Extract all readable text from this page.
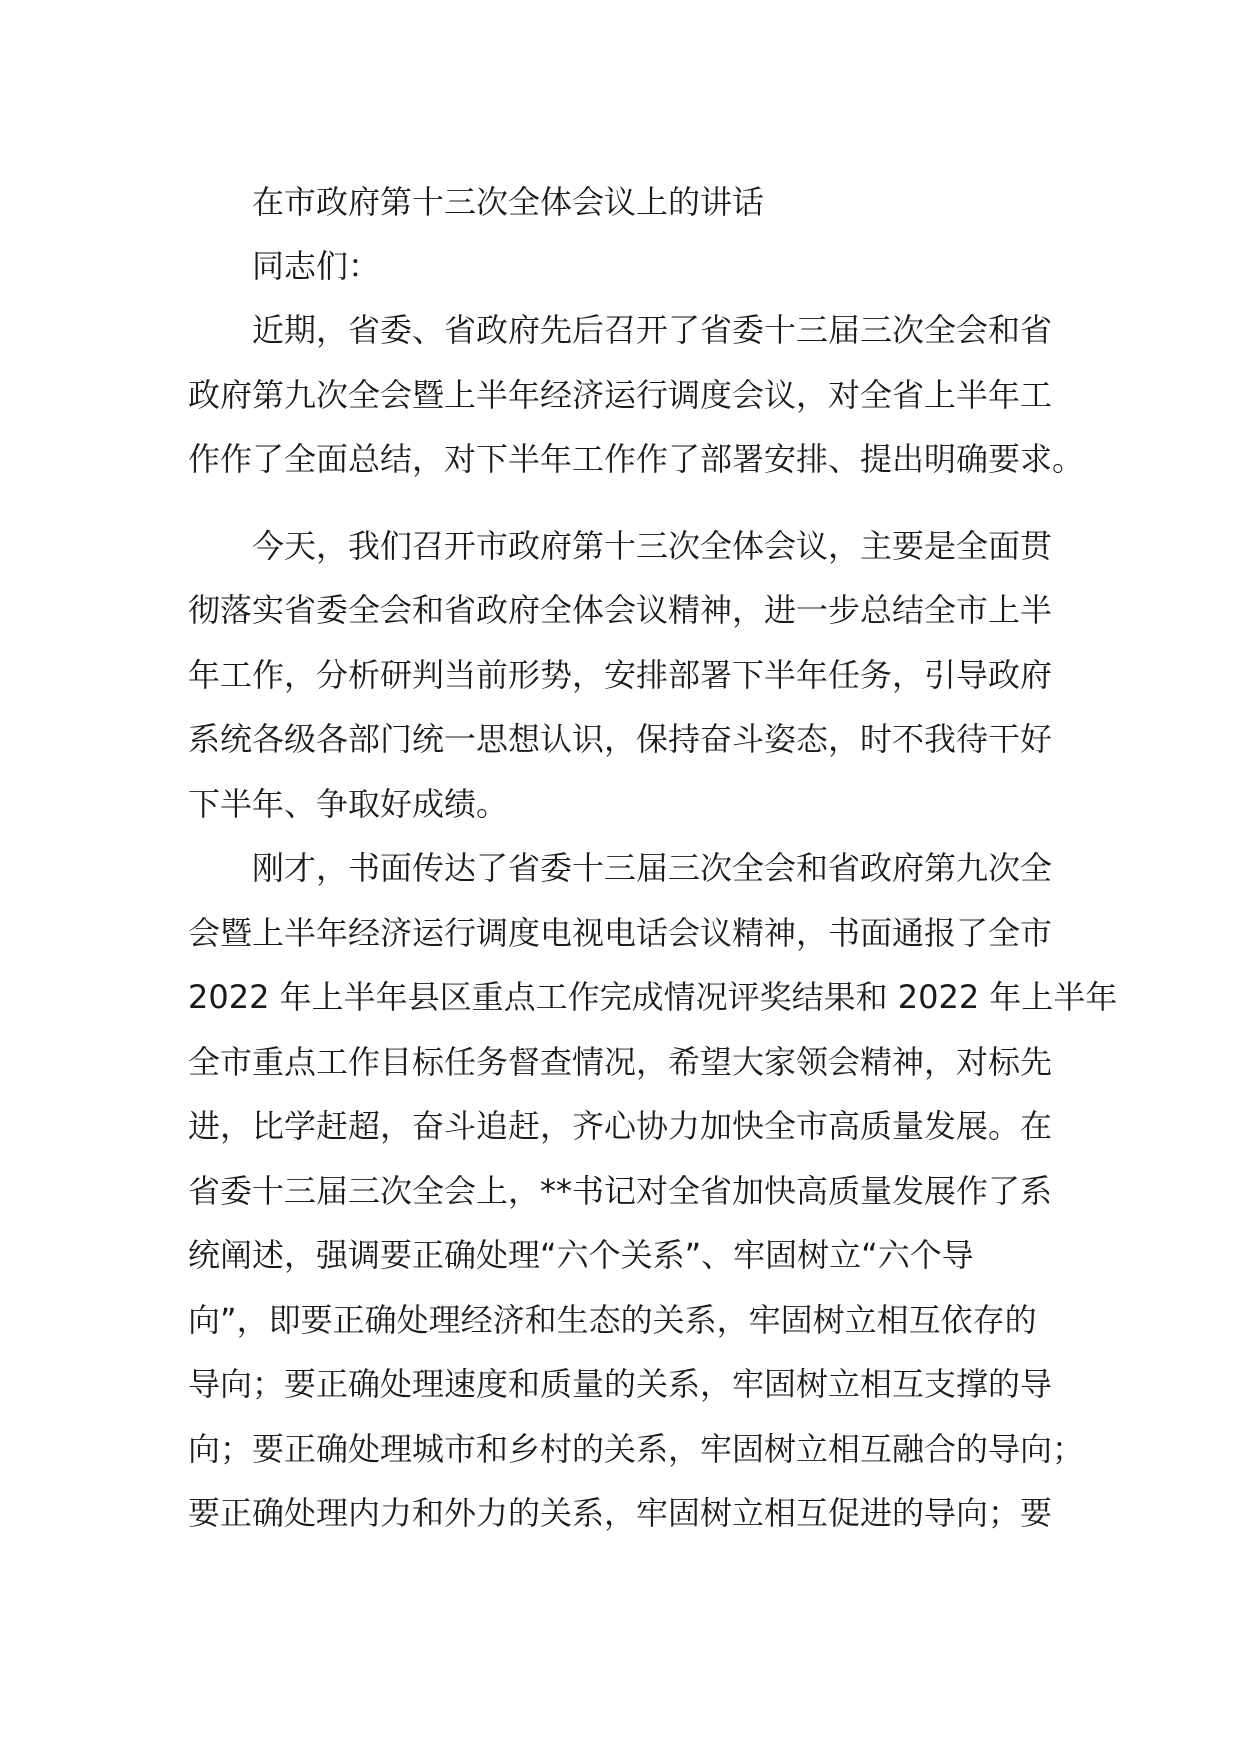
在市政府第十三次全体会议上的讲话

同志们：

近期，省委、省政府先后召开了省委十三届三次全会和省
政府第九次全会暨上半年经济运行调度会议，对全省上半年工
作作了全面总结，对下半年工作作了部署安排、提出明确要求。
今天，我们召开市政府第十三次全体会议，主要是全面贯
彻落实省委全会和省政府全体会议精神，进一步总结全市上半
年工作，分析研判当前形势，安排部署下半年任务，引导政府
系统各级各部门统一思想认识，保持奋斗姿态，时不我待干好
下半年、争取好成绩。
刚才，书面传达了省委十三届三次全会和省政府第九次全
会暨上半年经济运行调度电视电话会议精神，书面通报了全市
2022 年上半年县区重点工作完成情况评奖结果和 2022 年上半年
全市重点工作目标任务督查情况，希望大家领会精神，对标先
进，比学赶超，奋斗追赶，齐心协力加快全市高质量发展。在
省委十三届三次全会上，**书记对全省加快高质量发展作了系
统阐述，强调要正确处理“六个关系”、牢固树立“六个导
向”，即要正确处理经济和生态的关系，牢固树立相互依存的
导向；要正确处理速度和质量的关系，牢固树立相互支撑的导
向；要正确处理城市和乡村的关系，牢固树立相互融合的导向；
要正确处理内力和外力的关系，牢固树立相互促进的导向；要
